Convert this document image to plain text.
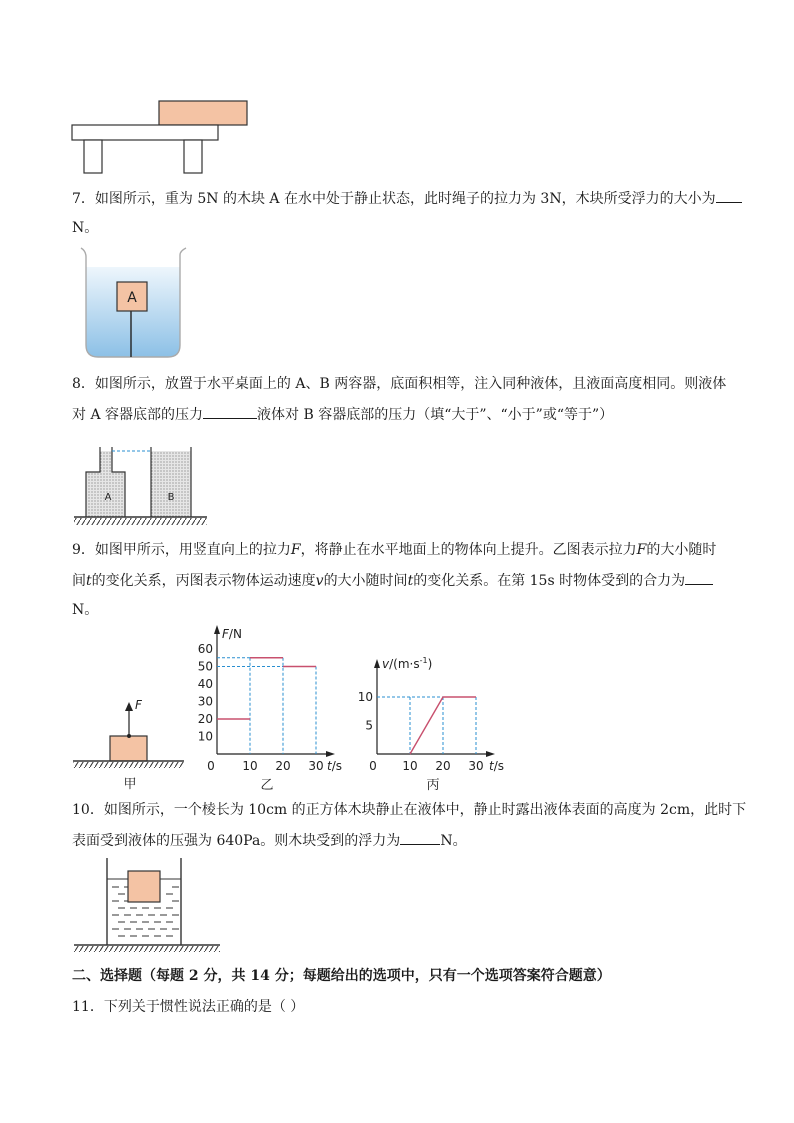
7．如图所示，重为 5N 的木块 A 在水中处于静止状态，此时绳子的拉力为 3N，木块所受浮力的大小为
N。
A
8．如图所示，放置于水平桌面上的 A、B 两容器，底面积相等，注入同种液体，且液面高度相同。则液体
对 A 容器底部的压力	液体对 B 容器底部的压力（填“大于”、“小于”或“等于”）
A	B
9．如图甲所示，用竖直向上的拉力F，将静止在水平地面上的物体向上提升。乙图表示拉力F的大小随时
间t的变化关系，丙图表示物体运动速度v的大小随时间t的变化关系。在第 15s 时物体受到的合力为
N。
F
甲
F/N
t/s
乙
10
20
30
40
50
60
0 10 20 30
$v/(m\cdot s^{-1})$
t/s
丙
5
10
0 10 20 30
10．如图所示，一个棱长为 10cm 的正方体木块静止在液体中，静止时露出液体表面的高度为 2cm，此时下
表面受到液体的压强为 640Pa。则木块受到的浮力为	N。
二、选择题（每题 2 分，共 14 分；每题给出的选项中，只有一个选项答案符合题意）
11．下列关于惯性说法正确的是（ ）
